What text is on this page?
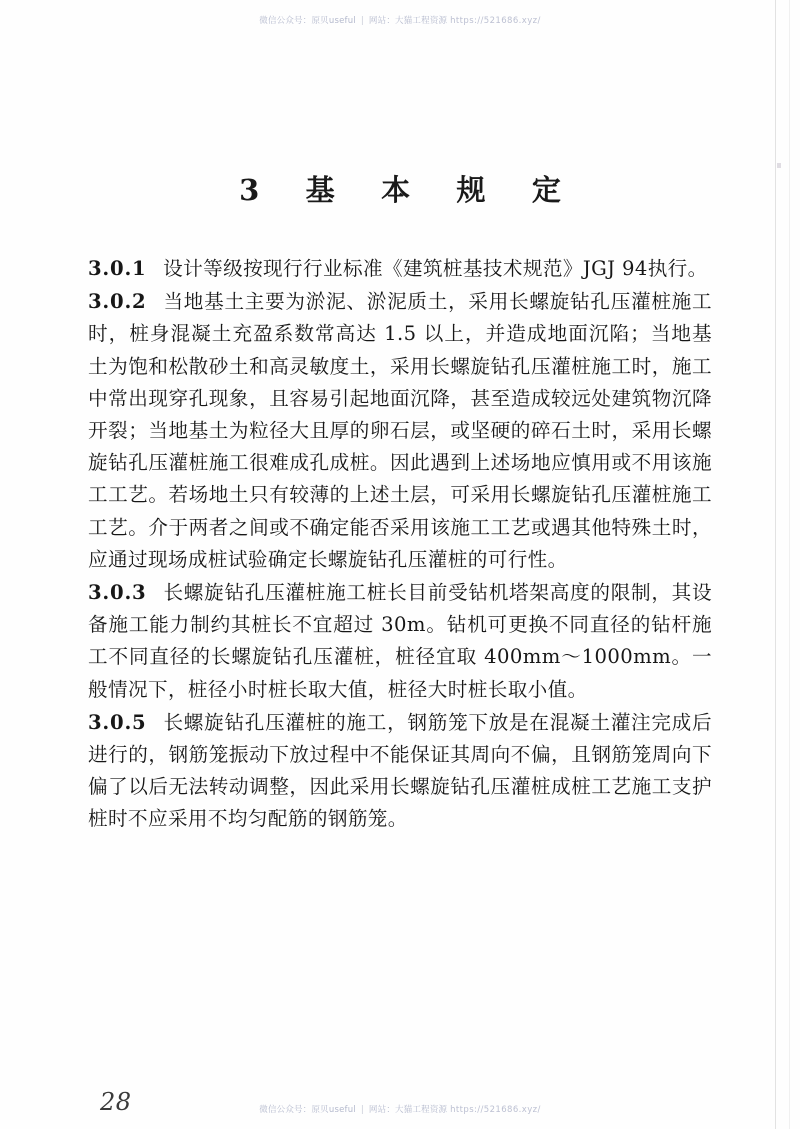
微信公众号：原贝useful | 网站：大猫工程资源 https://521686.xyz/
3　基　本　规　定

3.0.1 设计等级按现行行业标准《建筑桩基技术规范》JGJ 94执行。

3.0.2 当地基土主要为淤泥、淤泥质土，采用长螺旋钻孔压灌桩施工时，桩身混凝土充盈系数常高达 1.5 以上，并造成地面沉陷；当地基土为饱和松散砂土和高灵敏度土，采用长螺旋钻孔压灌桩施工时，施工中常出现穿孔现象，且容易引起地面沉降，甚至造成较远处建筑物沉降开裂；当地基土为粒径大且厚的卵石层，或坚硬的碎石土时，采用长螺旋钻孔压灌桩施工很难成孔成桩。因此遇到上述场地应慎用或不用该施工工艺。若场地土只有较薄的上述土层，可采用长螺旋钻孔压灌桩施工工艺。介于两者之间或不确定能否采用该施工工艺或遇其他特殊土时，应通过现场成桩试验确定长螺旋钻孔压灌桩的可行性。

3.0.3 长螺旋钻孔压灌桩施工桩长目前受钻机塔架高度的限制，其设备施工能力制约其桩长不宜超过 30m。钻机可更换不同直径的钻杆施工不同直径的长螺旋钻孔压灌桩，桩径宜取 400mm～1000mm。一般情况下，桩径小时桩长取大值，桩径大时桩长取小值。

3.0.5 长螺旋钻孔压灌桩的施工，钢筋笼下放是在混凝土灌注完成后进行的，钢筋笼振动下放过程中不能保证其周向不偏，且钢筋笼周向下偏了以后无法转动调整，因此采用长螺旋钻孔压灌桩成桩工艺施工支护桩时不应采用不均匀配筋的钢筋笼。

28	微信公众号：原贝useful | 网站：大猫工程资源 https://521686.xyz/
